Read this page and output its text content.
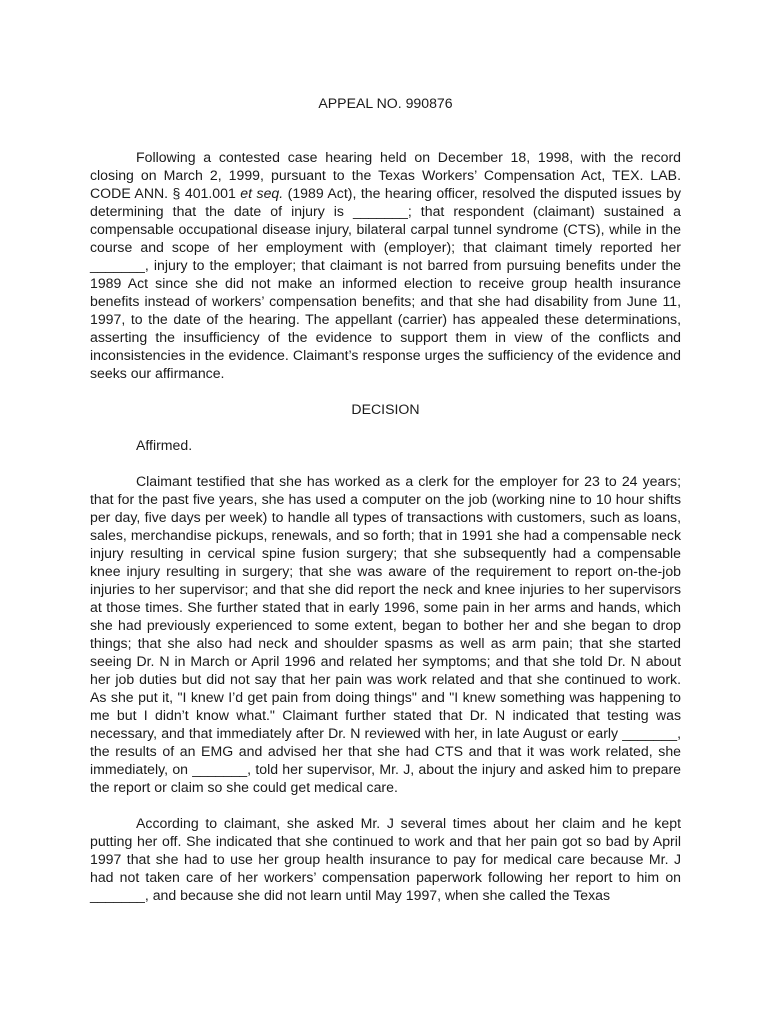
APPEAL NO. 990876

Following a contested case hearing held on December 18, 1998, with the record closing on March 2, 1999, pursuant to the Texas Workers’ Compensation Act, TEX. LAB. CODE ANN. § 401.001 et seq. (1989 Act), the hearing officer, resolved the disputed issues by determining that the date of injury is _______; that respondent (claimant) sustained a compensable occupational disease injury, bilateral carpal tunnel syndrome (CTS), while in the course and scope of her employment with (employer); that claimant timely reported her _______, injury to the employer; that claimant is not barred from pursuing benefits under the 1989 Act since she did not make an informed election to receive group health insurance benefits instead of workers’ compensation benefits; and that she had disability from June 11, 1997, to the date of the hearing. The appellant (carrier) has appealed these determinations, asserting the insufficiency of the evidence to support them in view of the conflicts and inconsistencies in the evidence. Claimant’s response urges the sufficiency of the evidence and seeks our affirmance.

DECISION

Affirmed.

Claimant testified that she has worked as a clerk for the employer for 23 to 24 years; that for the past five years, she has used a computer on the job (working nine to 10 hour shifts per day, five days per week) to handle all types of transactions with customers, such as loans, sales, merchandise pickups, renewals, and so forth; that in 1991 she had a compensable neck injury resulting in cervical spine fusion surgery; that she subsequently had a compensable knee injury resulting in surgery; that she was aware of the requirement to report on-the-job injuries to her supervisor; and that she did report the neck and knee injuries to her supervisors at those times. She further stated that in early 1996, some pain in her arms and hands, which she had previously experienced to some extent, began to bother her and she began to drop things; that she also had neck and shoulder spasms as well as arm pain; that she started seeing Dr. N in March or April 1996 and related her symptoms; and that she told Dr. N about her job duties but did not say that her pain was work related and that she continued to work. As she put it, "I knew I’d get pain from doing things" and "I knew something was happening to me but I didn’t know what." Claimant further stated that Dr. N indicated that testing was necessary, and that immediately after Dr. N reviewed with her, in late August or early _______, the results of an EMG and advised her that she had CTS and that it was work related, she immediately, on _______, told her supervisor, Mr. J, about the injury and asked him to prepare the report or claim so she could get medical care.

According to claimant, she asked Mr. J several times about her claim and he kept putting her off. She indicated that she continued to work and that her pain got so bad by April 1997 that she had to use her group health insurance to pay for medical care because Mr. J had not taken care of her workers’ compensation paperwork following her report to him on _______, and because she did not learn until May 1997, when she called the Texas
